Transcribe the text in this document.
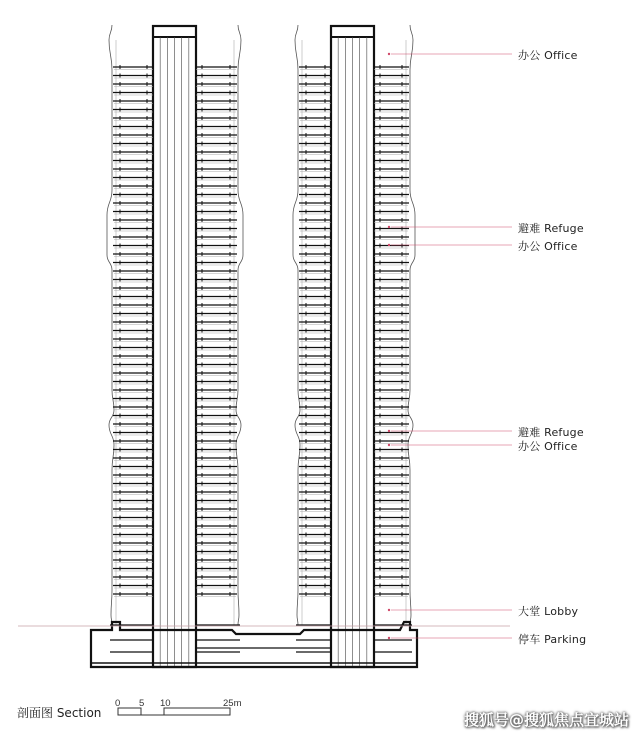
办公 Office
避难 Refuge
办公 Office
避难 Refuge
办公 Office
大堂 Lobby
停车 Parking
剖面图 Section
0 5 10	25m
搜狐号@搜狐焦点宜城站
